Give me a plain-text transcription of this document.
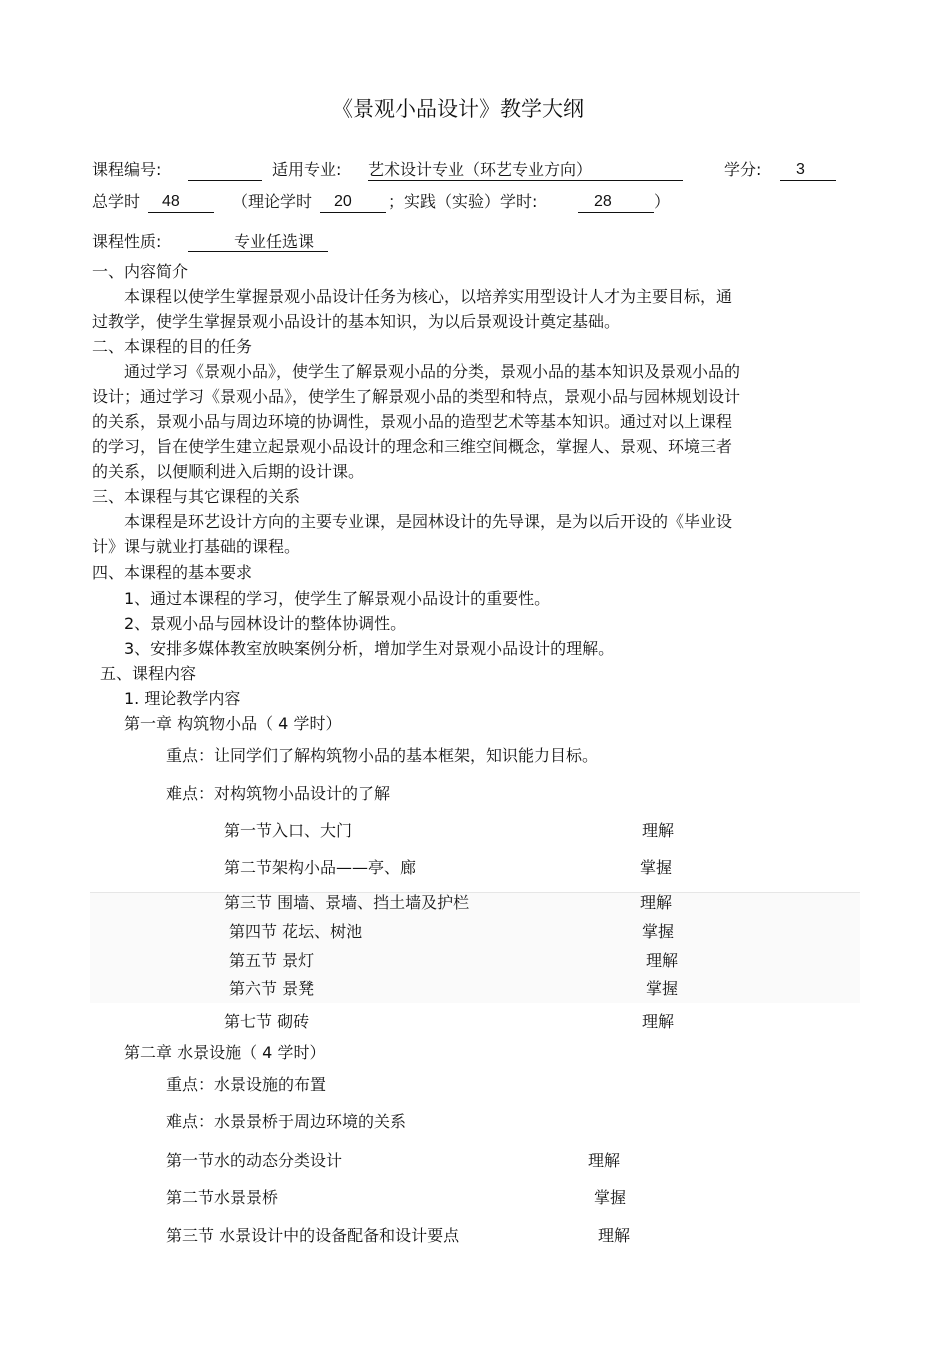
《景观小品设计》教学大纲
课程编号:	适用专业: 艺术设计专业（环艺专业方向）	学分: 3
总学时 48	（理论学时 20 ；实践（实验）学时:	28	）
课程性质:	专业任选课
一、内容简介
本课程以使学生掌握景观小品设计任务为核心，以培养实用型设计人才为主要目标，通
过教学，使学生掌握景观小品设计的基本知识，为以后景观设计奠定基础。
二、本课程的目的任务
通过学习《景观小品》，使学生了解景观小品的分类，景观小品的基本知识及景观小品的
设计；通过学习《景观小品》，使学生了解景观小品的类型和特点，景观小品与园林规划设计
的关系，景观小品与周边环境的协调性，景观小品的造型艺术等基本知识。通过对以上课程
的学习，旨在使学生建立起景观小品设计的理念和三维空间概念，掌握人、景观、环境三者
的关系，以便顺利进入后期的设计课。
三、本课程与其它课程的关系
本课程是环艺设计方向的主要专业课，是园林设计的先导课，是为以后开设的《毕业设
计》课与就业打基础的课程。
四、本课程的基本要求
1、通过本课程的学习，使学生了解景观小品设计的重要性。
2、景观小品与园林设计的整体协调性。
3、安排多媒体教室放映案例分析，增加学生对景观小品设计的理解。
五、课程内容
1. 理论教学内容
第一章 构筑物小品（ 4 学时）
重点：让同学们了解构筑物小品的基本框架，知识能力目标。
难点：对构筑物小品设计的了解
第一节入口、大门	理解
第二节架构小品——亭、廊	掌握
第三节 围墙、景墙、挡土墙及护栏	理解
第四节 花坛、树池	掌握
第五节 景灯	理解
第六节 景凳	掌握
第七节 砌砖	理解
第二章 水景设施（ 4 学时）
重点：水景设施的布置
难点：水景景桥于周边环境的关系
第一节水的动态分类设计	理解
第二节水景景桥	掌握
第三节 水景设计中的设备配备和设计要点	理解
